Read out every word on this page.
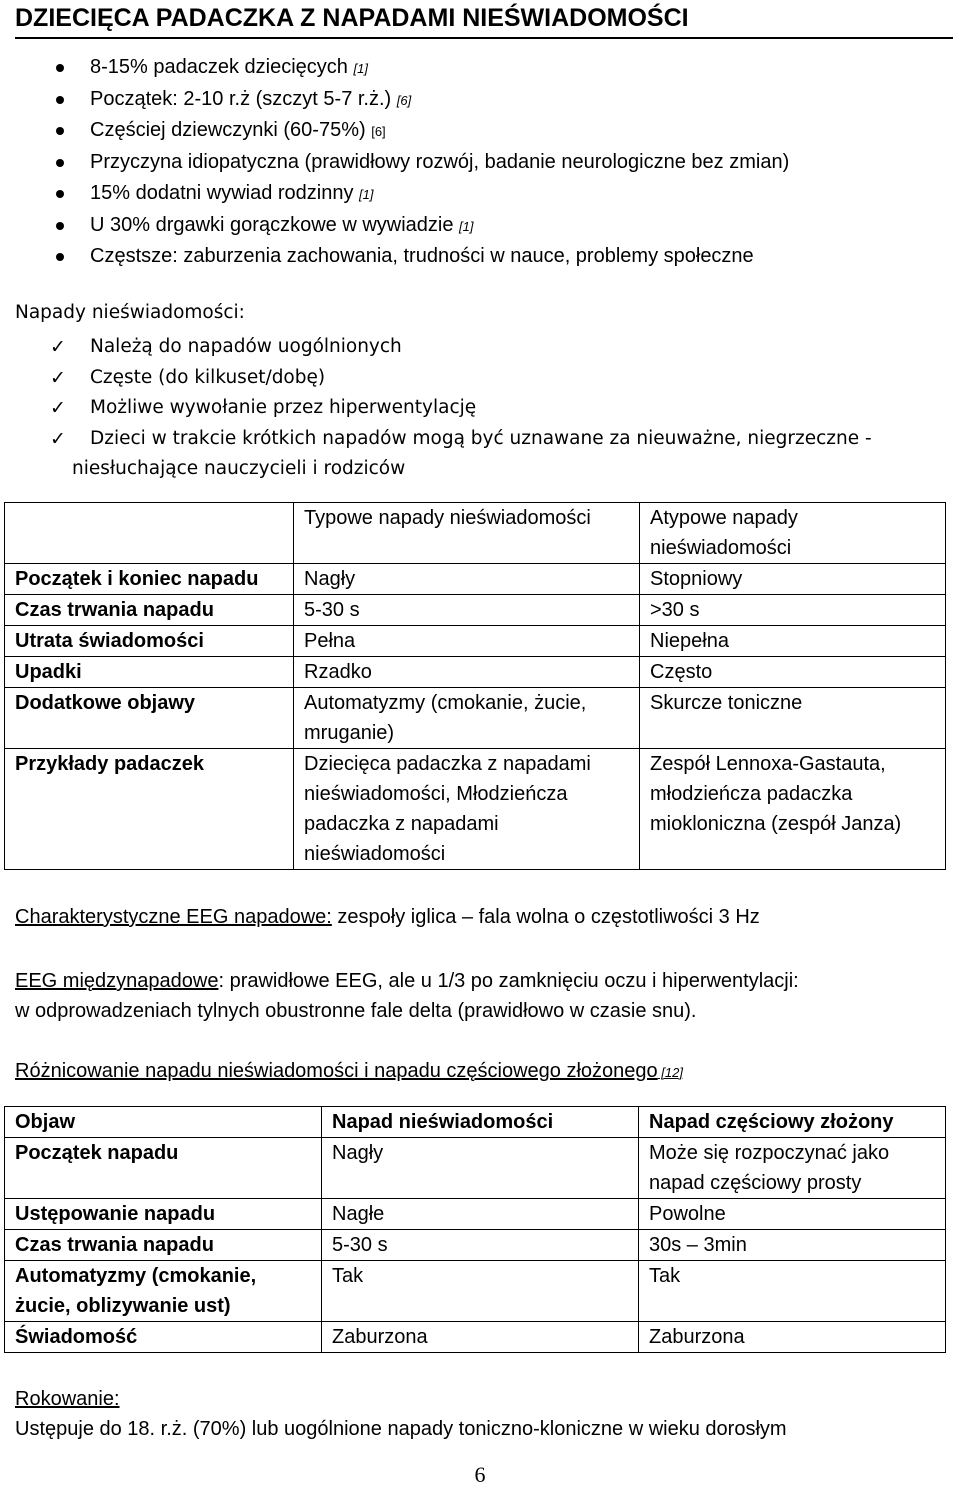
DZIECIĘCA PADACZKA Z NAPADAMI NIEŚWIADOMOŚCI
8-15% padaczek dziecięcych [1]
Początek: 2-10 r.ż (szczyt 5-7 r.ż.) [6]
Częściej dziewczynki (60-75%) [6]
Przyczyna idiopatyczna (prawidłowy rozwój, badanie neurologiczne bez zmian)
15% dodatni wywiad rodzinny [1]
U 30% drgawki gorączkowe w wywiadzie [1]
Częstsze: zaburzenia zachowania, trudności w nauce, problemy społeczne
Napady nieświadomości:
✓ Należą do napadów uogólnionych
✓ Częste (do kilkuset/dobę)
✓ Możliwe wywołanie przez hiperwentylację
✓ Dzieci w trakcie krótkich napadów mogą być uznawane za nieuważne, niegrzeczne -
niesłuchające nauczycieli i rodziców
	Typowe napady nieświadomości	Atypowe napady nieświadomości
Początek i koniec napadu	Nagły	Stopniowy
Czas trwania napadu	5-30 s	>30 s
Utrata świadomości	Pełna	Niepełna
Upadki	Rzadko	Często
Dodatkowe objawy	Automatyzmy (cmokanie, żucie, mruganie)	Skurcze toniczne
Przykłady padaczek	Dziecięca padaczka z napadami nieświadomości, Młodzieńcza padaczka z napadami nieświadomości	Zespół Lennoxa-Gastauta, młodzieńcza padaczka miokloniczna (zespół Janza)
Charakterystyczne EEG napadowe: zespoły iglica – fala wolna o częstotliwości 3 Hz
EEG międzynapadowe: prawidłowe EEG, ale u 1/3 po zamknięciu oczu i hiperwentylacji:
w odprowadzeniach tylnych obustronne fale delta (prawidłowo w czasie snu).
Różnicowanie napadu nieświadomości i napadu częściowego złożonego [12]
Objaw	Napad nieświadomości	Napad częściowy złożony
Początek napadu	Nagły	Może się rozpoczynać jako napad częściowy prosty
Ustępowanie napadu	Nagłe	Powolne
Czas trwania napadu	5-30 s	30s – 3min
Automatyzmy (cmokanie, żucie, oblizywanie ust)	Tak	Tak
Świadomość	Zaburzona	Zaburzona
Rokowanie:
Ustępuje do 18. r.ż. (70%) lub uogólnione napady toniczno-kloniczne w wieku dorosłym
6
